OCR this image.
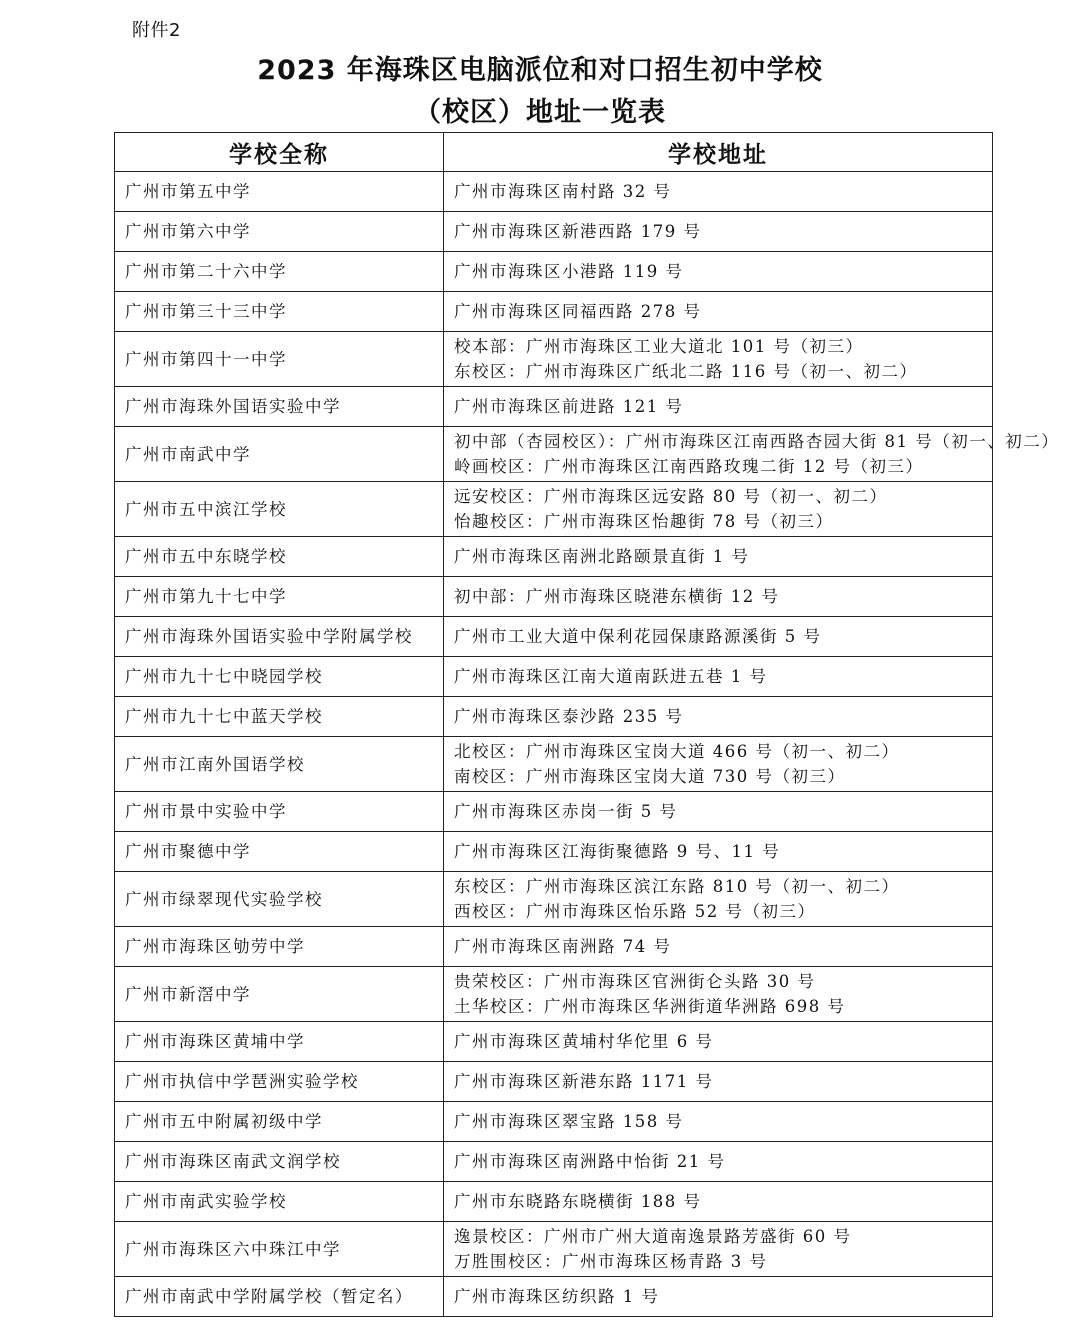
附件2
2023 年海珠区电脑派位和对口招生初中学校
（校区）地址一览表
学校全称	学校地址
广州市第五中学	广州市海珠区南村路 32 号

广州市第六中学	广州市海珠区新港西路 179 号

广州市第二十六中学	广州市海珠区小港路 119 号

广州市第三十三中学	广州市海珠区同福西路 278 号

广州市第四十一中学	校本部：广州市海珠区工业大道北 101 号（初三）
东校区：广州市海珠区广纸北二路 116 号（初一、初二）

广州市海珠外国语实验中学	广州市海珠区前进路 121 号

广州市南武中学	初中部（杏园校区）：广州市海珠区江南西路杏园大街 81 号（初一、初二）
岭画校区：广州市海珠区江南西路玫瑰二街 12 号（初三）

广州市五中滨江学校	远安校区：广州市海珠区远安路 80 号（初一、初二）
怡趣校区：广州市海珠区怡趣街 78 号（初三）

广州市五中东晓学校	广州市海珠区南洲北路颐景直街 1 号

广州市第九十七中学	初中部：广州市海珠区晓港东横街 12 号

广州市海珠外国语实验中学附属学校	广州市工业大道中保利花园保康路源溪街 5 号

广州市九十七中晓园学校	广州市海珠区江南大道南跃进五巷 1 号

广州市九十七中蓝天学校	广州市海珠区泰沙路 235 号

广州市江南外国语学校	北校区：广州市海珠区宝岗大道 466 号（初一、初二）
南校区：广州市海珠区宝岗大道 730 号（初三）

广州市景中实验中学	广州市海珠区赤岗一街 5 号

广州市聚德中学	广州市海珠区江海街聚德路 9 号、11 号

广州市绿翠现代实验学校	东校区：广州市海珠区滨江东路 810 号（初一、初二）
西校区：广州市海珠区怡乐路 52 号（初三）

广州市海珠区劬劳中学	广州市海珠区南洲路 74 号

广州市新滘中学	贵荣校区：广州市海珠区官洲街仑头路 30 号
土华校区：广州市海珠区华洲街道华洲路 698 号

广州市海珠区黄埔中学	广州市海珠区黄埔村华佗里 6 号

广州市执信中学琶洲实验学校	广州市海珠区新港东路 1171 号

广州市五中附属初级中学	广州市海珠区翠宝路 158 号

广州市海珠区南武文润学校	广州市海珠区南洲路中怡街 21 号

广州市南武实验学校	广州市东晓路东晓横街 188 号

广州市海珠区六中珠江中学	逸景校区：广州市广州大道南逸景路芳盛街 60 号
万胜围校区：广州市海珠区杨青路 3 号

广州市南武中学附属学校（暂定名）	广州市海珠区纺织路 1 号
